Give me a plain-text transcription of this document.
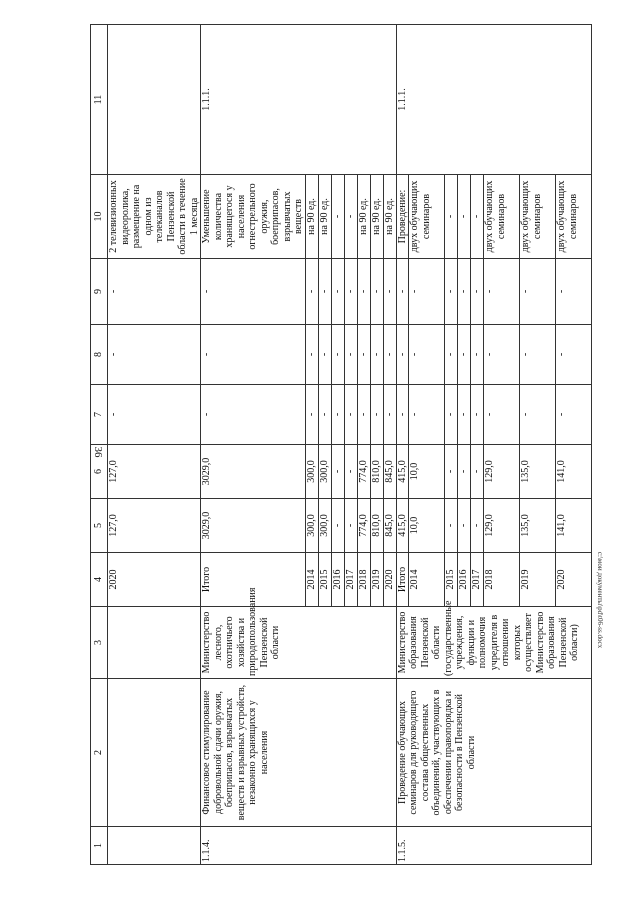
36
c:\мои документы\pd\t06-ss.docx
1	2	3	4	5	6	7	8	9	10	11
			2020	127,0	127,0	-	-	-	2 телевизионных видеоролика, размещение на одном из телеканалов Пензенской области в течение 1 месяца	
1.1.4.	Финансовое стимулирование добровольной сдачи оружия, боеприпасов, взрывчатых веществ и взрывных устройств, незаконно хранящихся у населения	Министерство лесного, охотничьего хозяйства и природопользования Пензенской области	Итого	3029,0	3029,0	-	-	-	Уменьшение количества хранящегося у населения огнестрельного оружия, боеприпасов, взрывчатых веществ	1.1.1.
			2014	300,0	300,0	-	-	-	на 90 ед.	
			2015	300,0	300,0	-	-	-	на 90 ед.	
			2016	-	-	-	-	-	-	
			2017	-	-	-	-	-	-	
			2018	774,0	774,0	-	-	-	на 90 ед.	
			2019	810,0	810,0	-	-	-	на 90 ед.	
			2020	845,0	845,0	-	-	-	на 90 ед.	
1.1.5.	Проведение обучающих семинаров для руководящего состава общественных объединений, участвующих в обеспечении правопорядка и безопасности в Пензенской области	Министерство образования Пензенской области (государственные учреждения, функции и полномочия учредителя в отношении которых осуществляет Министерство образования Пензенской области)	Итого	415,0	415,0	-	-	-	Проведение:	1.1.1.
			2014	10,0	10,0	-	-	-	двух обучающих семинаров	
			2015	-	-	-	-	-	-	
			2016	-	-	-	-	-	-	
			2017	-	-	-	-	-	-	
			2018	129,0	129,0	-	-	-	двух обучающих семинаров	
			2019	135,0	135,0	-	-	-	двух обучающих семинаров	
			2020	141,0	141,0	-	-	-	двух обучающих семинаров	
